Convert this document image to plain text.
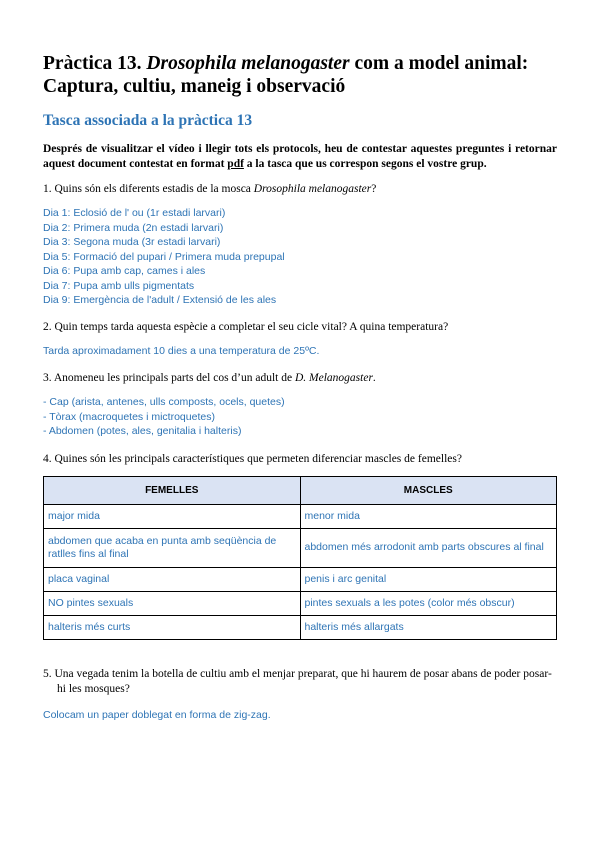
Pràctica 13. Drosophila melanogaster com a model animal: Captura, cultiu, maneig i observació
Tasca associada a la pràctica 13

Després de visualitzar el vídeo i llegir tots els protocols, heu de contestar aquestes preguntes i retornar aquest document contestat en format pdf a la tasca que us correspon segons el vostre grup.

1. Quins són els diferents estadis de la mosca Drosophila melanogaster?

Dia 1: Eclosió de l' ou (1r estadi larvari)
Dia 2: Primera muda (2n estadi larvari)
Dia 3: Segona muda (3r estadi larvari)
Dia 5: Formació del pupari / Primera muda prepupal
Dia 6: Pupa amb cap, cames i ales
Dia 7: Pupa amb ulls pigmentats
Dia 9: Emergència de l'adult / Extensió de les ales

2. Quin temps tarda aquesta espècie a completar el seu cicle vital? A quina temperatura?

Tarda aproximadament 10 dies a una temperatura de 25ºC.

3. Anomeneu les principals parts del cos d’un adult de D. Melanogaster.

- Cap (arista, antenes, ulls composts, ocels, quetes)
- Tòrax (macroquetes i mictroquetes)
- Abdomen (potes, ales, genitalia i halteris)

4. Quines són les principals característiques que permeten diferenciar mascles de femelles?

FEMELLES	MASCLES
major mida	menor mida
abdomen que acaba en punta amb seqüència de ratlles fins al final	abdomen més arrodonit amb parts obscures al final
placa vaginal	penis i arc genital
NO pintes sexuals	pintes sexuals a les potes (color més obscur)
halteris més curts	halteris més allargats

5. Una vegada tenim la botella de cultiu amb el menjar preparat, que hi haurem de posar abans de poder posar-hi les mosques?

Colocam un paper doblegat en forma de zig-zag.
